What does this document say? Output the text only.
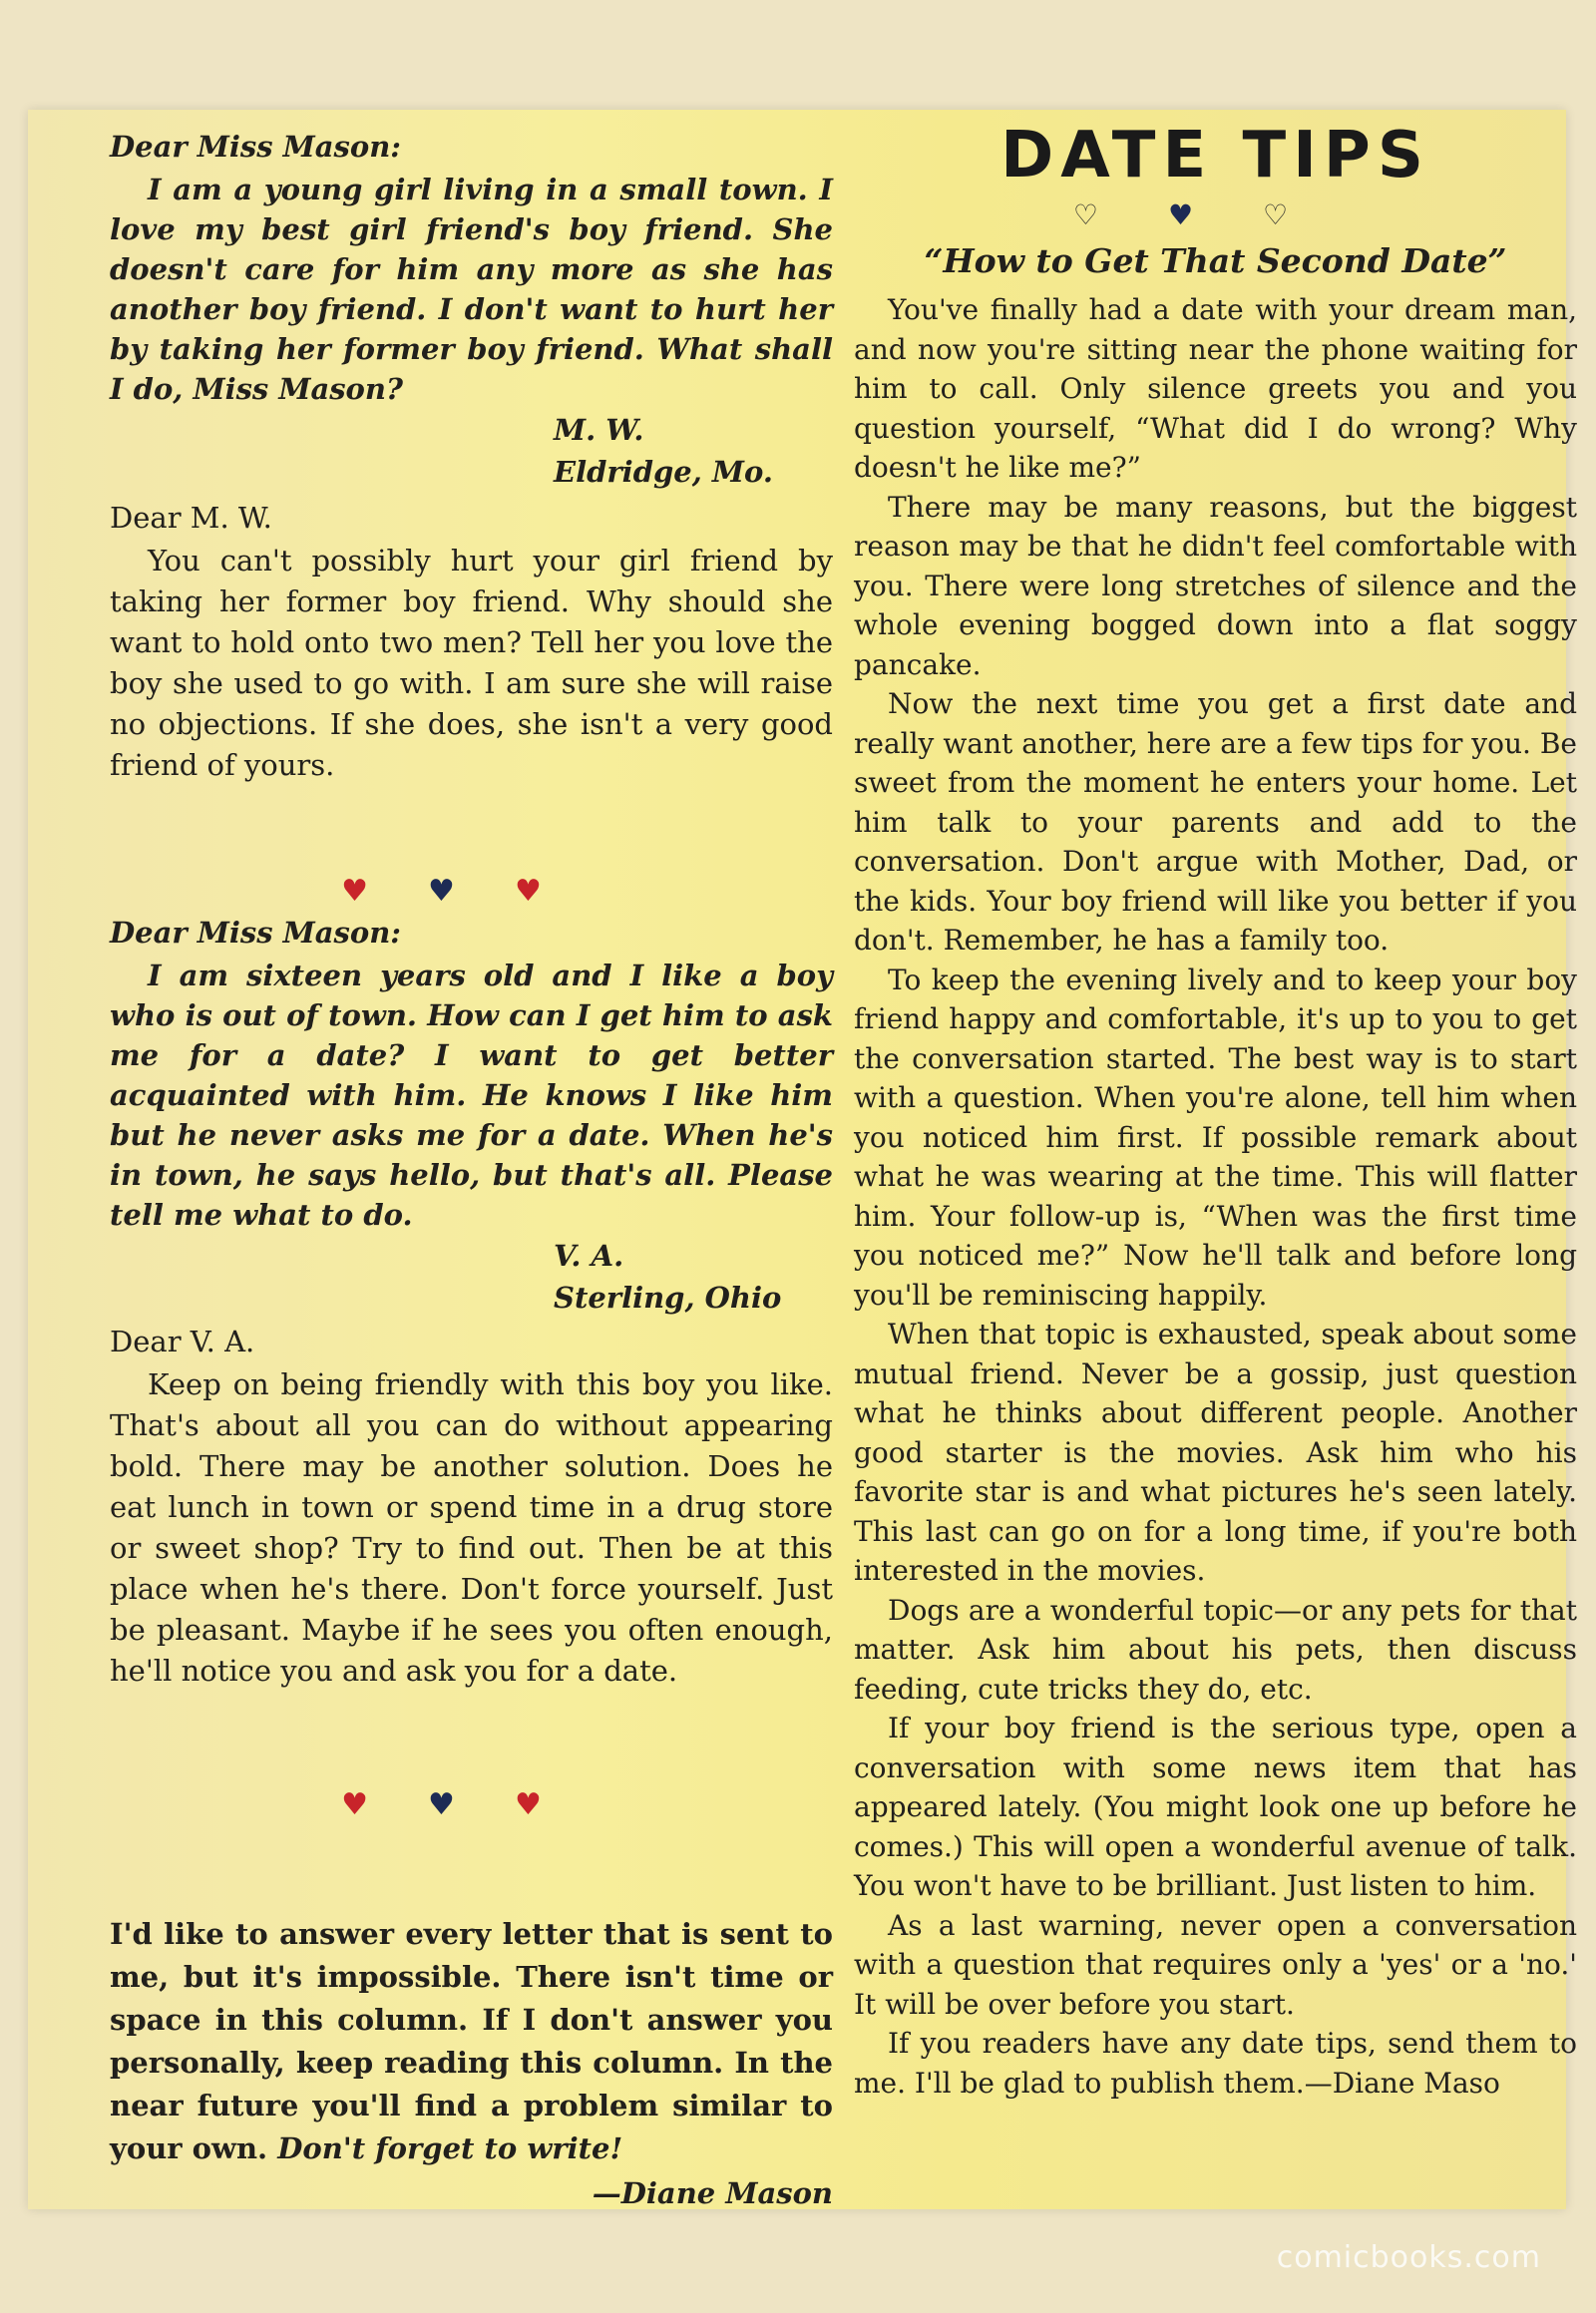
Dear Miss Mason:

I am a young girl living in a small town. I love my best girl friend's boy friend. She doesn't care for him any more as she has another boy friend. I don't want to hurt her by taking her former boy friend. What shall I do, Miss Mason?

M. W.

Eldridge, Mo.

Dear M. W.

You can't possibly hurt your girl friend by taking her former boy friend. Why should she want to hold onto two men? Tell her you love the boy she used to go with. I am sure she will raise no objections. If she does, she isn't a very good friend of yours.

♥♥♥

Dear Miss Mason:

I am sixteen years old and I like a boy who is out of town. How can I get him to ask me for a date? I want to get better acquainted with him. He knows I like him but he never asks me for a date. When he's in town, he says hello, but that's all. Please tell me what to do.

V. A.

Sterling, Ohio

Dear V. A.

Keep on being friendly with this boy you like. That's about all you can do without appearing bold. There may be another solution. Does he eat lunch in town or spend time in a drug store or sweet shop? Try to find out. Then be at this place when he's there. Don't force yourself. Just be pleasant. Maybe if he sees you often enough, he'll notice you and ask you for a date.

♥♥♥

I'd like to answer every letter that is sent to me, but it's impossible. There isn't time or space in this column. If I don't answer you personally, keep reading this column. In the near future you'll find a problem similar to your own. Don't forget to write!

—Diane Mason

DATE TIPS
♡♥♡

“How to Get That Second Date”

You've finally had a date with your dream man, and now you're sitting near the phone waiting for him to call. Only silence greets you and you question yourself, “What did I do wrong? Why doesn't he like me?”

There may be many reasons, but the biggest reason may be that he didn't feel comfortable with you. There were long stretches of silence and the whole evening bogged down into a flat soggy pancake.

Now the next time you get a first date and really want another, here are a few tips for you. Be sweet from the moment he enters your home. Let him talk to your parents and add to the conversation. Don't argue with Mother, Dad, or the kids. Your boy friend will like you better if you don't. Remember, he has a family too.

To keep the evening lively and to keep your boy friend happy and comfortable, it's up to you to get the conversation started. The best way is to start with a question. When you're alone, tell him when you noticed him first. If possible remark about what he was wearing at the time. This will flatter him. Your follow-up is, “When was the first time you noticed me?” Now he'll talk and before long you'll be reminiscing happily.

When that topic is exhausted, speak about some mutual friend. Never be a gossip, just question what he thinks about different people. Another good starter is the movies. Ask him who his favorite star is and what pictures he's seen lately. This last can go on for a long time, if you're both interested in the movies.

Dogs are a wonderful topic—or any pets for that matter. Ask him about his pets, then discuss feeding, cute tricks they do, etc.

If your boy friend is the serious type, open a conversation with some news item that has appeared lately. (You might look one up before he comes.) This will open a wonderful avenue of talk. You won't have to be brilliant. Just listen to him.

As a last warning, never open a conversation with a question that requires only a 'yes' or a 'no.' It will be over before you start.

If you readers have any date tips, send them to me. I'll be glad to publish them.—Diane Maso

comicbooks.com
